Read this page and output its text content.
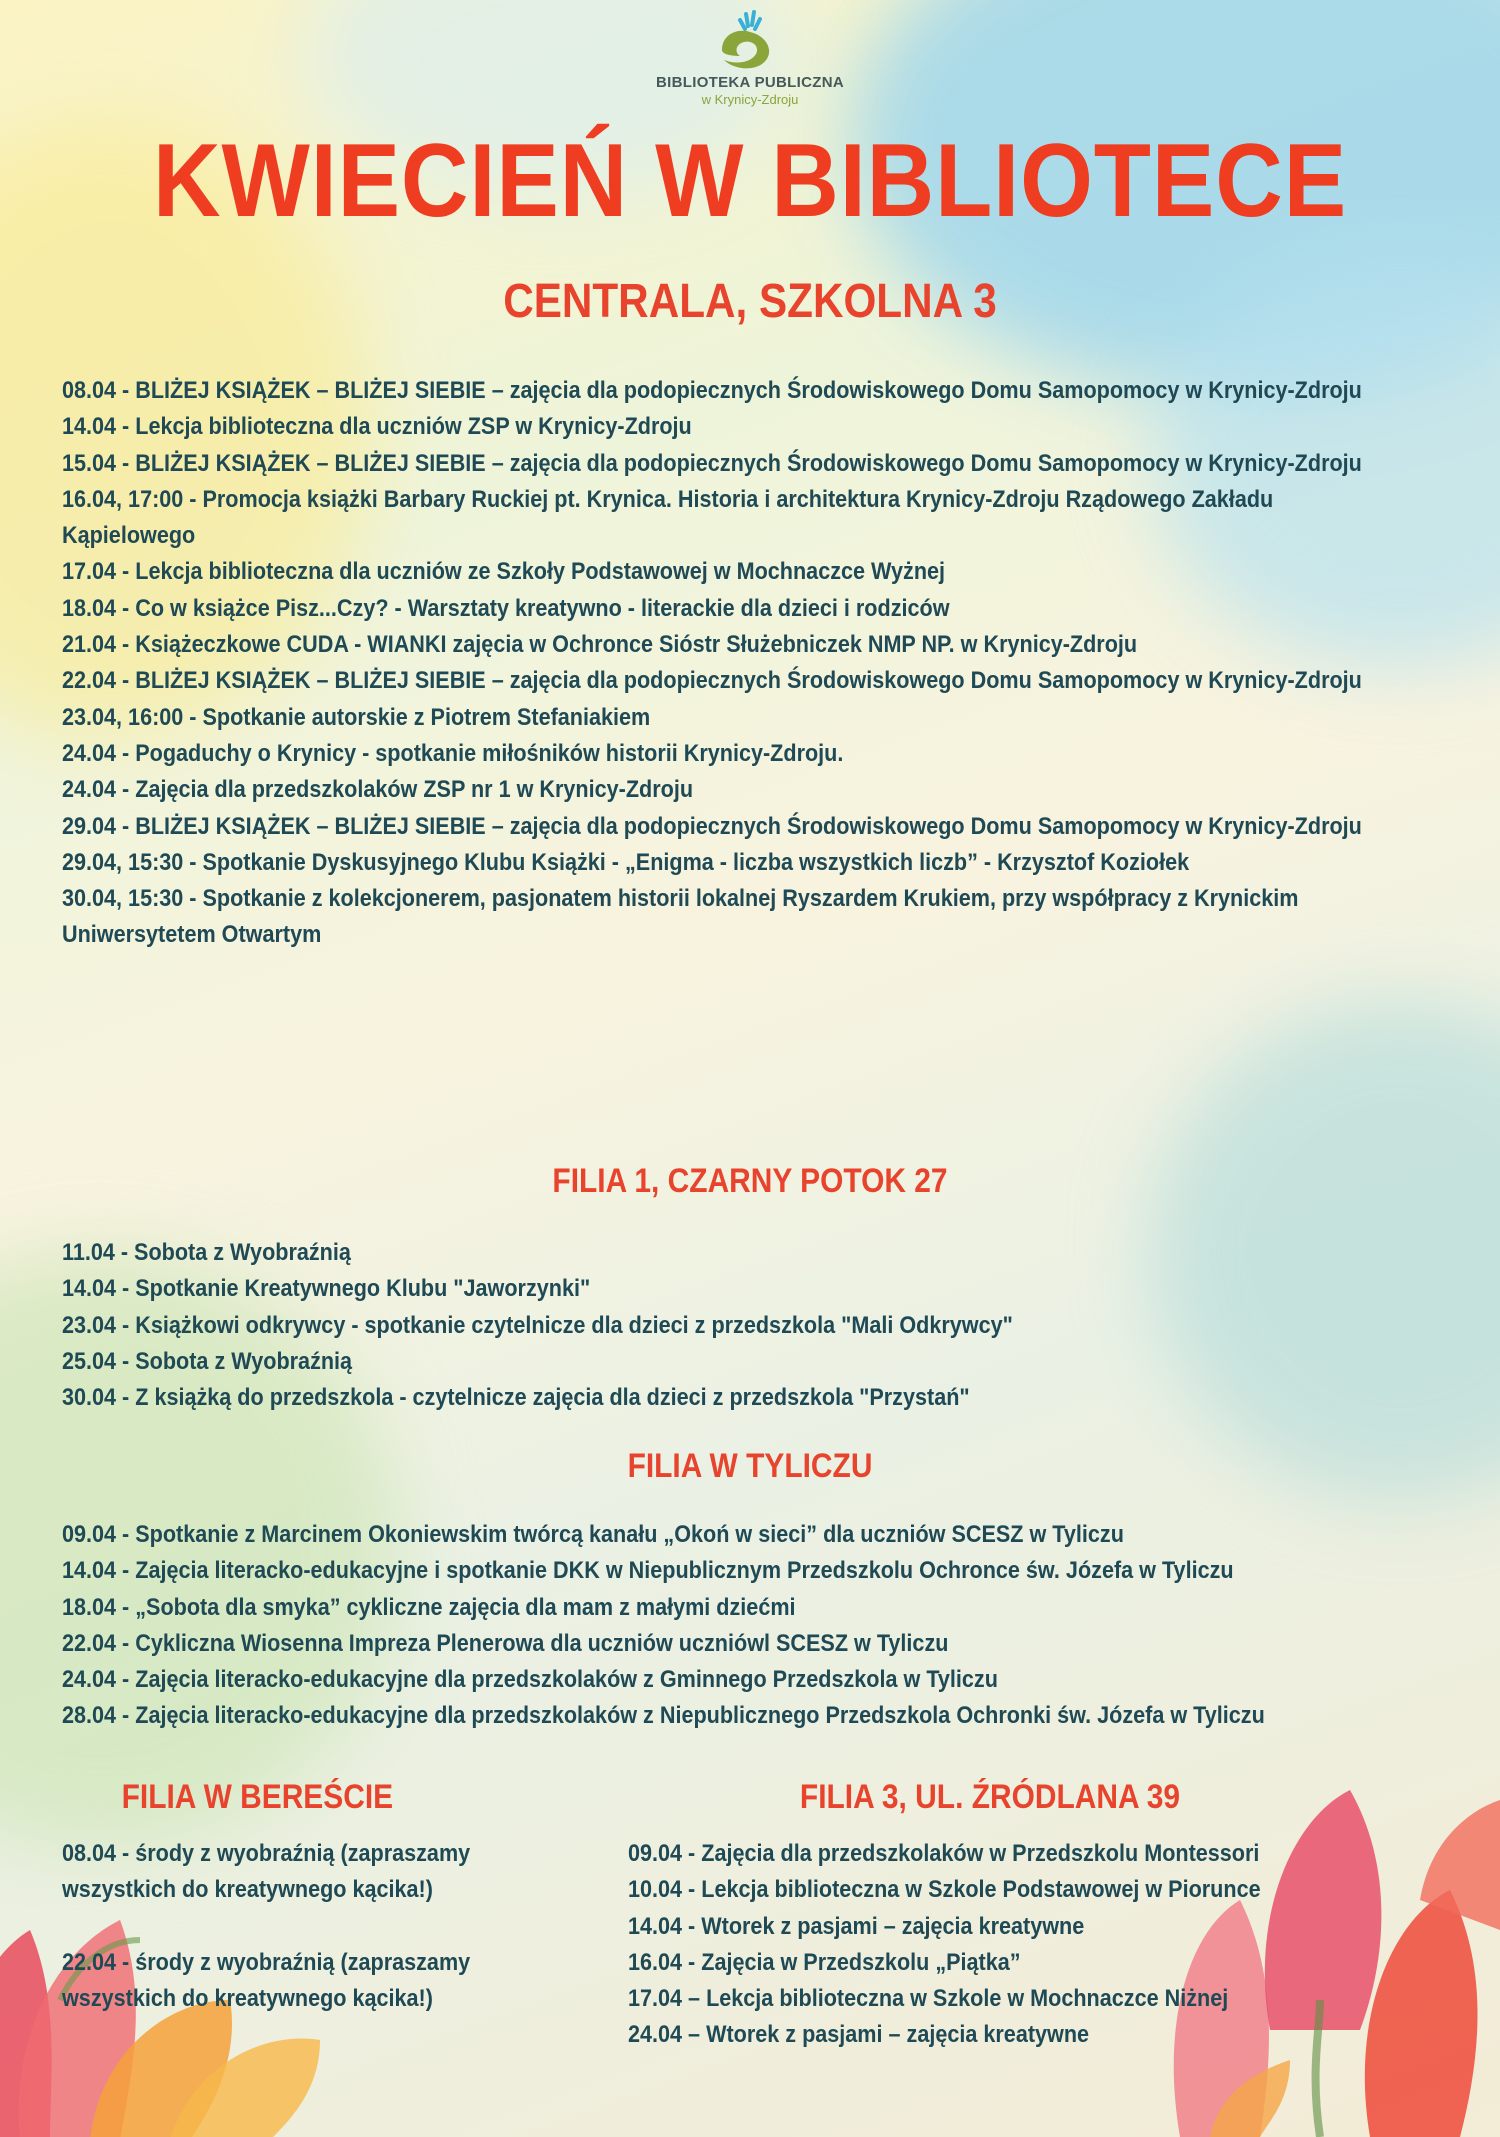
BIBLIOTEKA PUBLICZNA
w Krynicy-Zdroju
KWIECIEŃ W BIBLIOTECE
CENTRALA, SZKOLNA 3
08.04 - BLIŻEJ KSIĄŻEK – BLIŻEJ SIEBIE – zajęcia dla podopiecznych Środowiskowego Domu Samopomocy w Krynicy-Zdroju
14.04 - Lekcja biblioteczna dla uczniów ZSP w Krynicy-Zdroju
15.04 - BLIŻEJ KSIĄŻEK – BLIŻEJ SIEBIE – zajęcia dla podopiecznych Środowiskowego Domu Samopomocy w Krynicy-Zdroju
16.04, 17:00 - Promocja książki Barbary Ruckiej pt. Krynica. Historia i architektura Krynicy-Zdroju Rządowego Zakładu Kąpielowego
17.04 - Lekcja biblioteczna dla uczniów ze Szkoły Podstawowej w Mochnaczce Wyżnej
18.04 - Co w książce Pisz...Czy? - Warsztaty kreatywno - literackie dla dzieci i rodziców
21.04 - Książeczkowe CUDA - WIANKI zajęcia w Ochronce Sióstr Służebniczek NMP NP. w Krynicy-Zdroju
22.04 - BLIŻEJ KSIĄŻEK – BLIŻEJ SIEBIE – zajęcia dla podopiecznych Środowiskowego Domu Samopomocy w Krynicy-Zdroju
23.04, 16:00 - Spotkanie autorskie z Piotrem Stefaniakiem
24.04 - Pogaduchy o Krynicy - spotkanie miłośników historii Krynicy-Zdroju.
24.04 - Zajęcia dla przedszkolaków ZSP nr 1 w Krynicy-Zdroju
29.04 - BLIŻEJ KSIĄŻEK – BLIŻEJ SIEBIE – zajęcia dla podopiecznych Środowiskowego Domu Samopomocy w Krynicy-Zdroju
29.04, 15:30 - Spotkanie Dyskusyjnego Klubu Książki - „Enigma - liczba wszystkich liczb” - Krzysztof Koziołek
30.04, 15:30 - Spotkanie z kolekcjonerem, pasjonatem historii lokalnej Ryszardem Krukiem, przy współpracy z Krynickim Uniwersytetem Otwartym
FILIA 1, CZARNY POTOK 27
11.04 - Sobota z Wyobraźnią
14.04 - Spotkanie Kreatywnego Klubu "Jaworzynki"
23.04 - Książkowi odkrywcy - spotkanie czytelnicze dla dzieci z przedszkola "Mali Odkrywcy"
25.04 - Sobota z Wyobraźnią
30.04 - Z książką do przedszkola - czytelnicze zajęcia dla dzieci z przedszkola "Przystań"
FILIA W TYLICZU
09.04 - Spotkanie z Marcinem Okoniewskim twórcą kanału „Okoń w sieci” dla uczniów SCESZ w Tyliczu
14.04 - Zajęcia literacko-edukacyjne i spotkanie DKK w Niepublicznym Przedszkolu Ochronce św. Józefa w Tyliczu
18.04 - „Sobota dla smyka” cykliczne zajęcia dla mam z małymi dziećmi
22.04 - Cykliczna Wiosenna Impreza Plenerowa dla uczniów uczniówl SCESZ w Tyliczu
24.04 - Zajęcia literacko-edukacyjne dla przedszkolaków z Gminnego Przedszkola w Tyliczu
28.04 - Zajęcia literacko-edukacyjne dla przedszkolaków z Niepublicznego Przedszkola Ochronki św. Józefa w Tyliczu
FILIA W BEREŚCIE
08.04 - środy z wyobraźnią (zapraszamy wszystkich do kreatywnego kącika!)
22.04 - środy z wyobraźnią (zapraszamy wszystkich do kreatywnego kącika!)
FILIA 3, UL. ŹRÓDLANA 39
09.04 - Zajęcia dla przedszkolaków w Przedszkolu Montessori
10.04 - Lekcja biblioteczna w Szkole Podstawowej w Piorunce
14.04 - Wtorek z pasjami – zajęcia kreatywne
16.04 - Zajęcia w Przedszkolu „Piątka”
17.04 – Lekcja biblioteczna w Szkole w Mochnaczce Niżnej
24.04 – Wtorek z pasjami – zajęcia kreatywne
